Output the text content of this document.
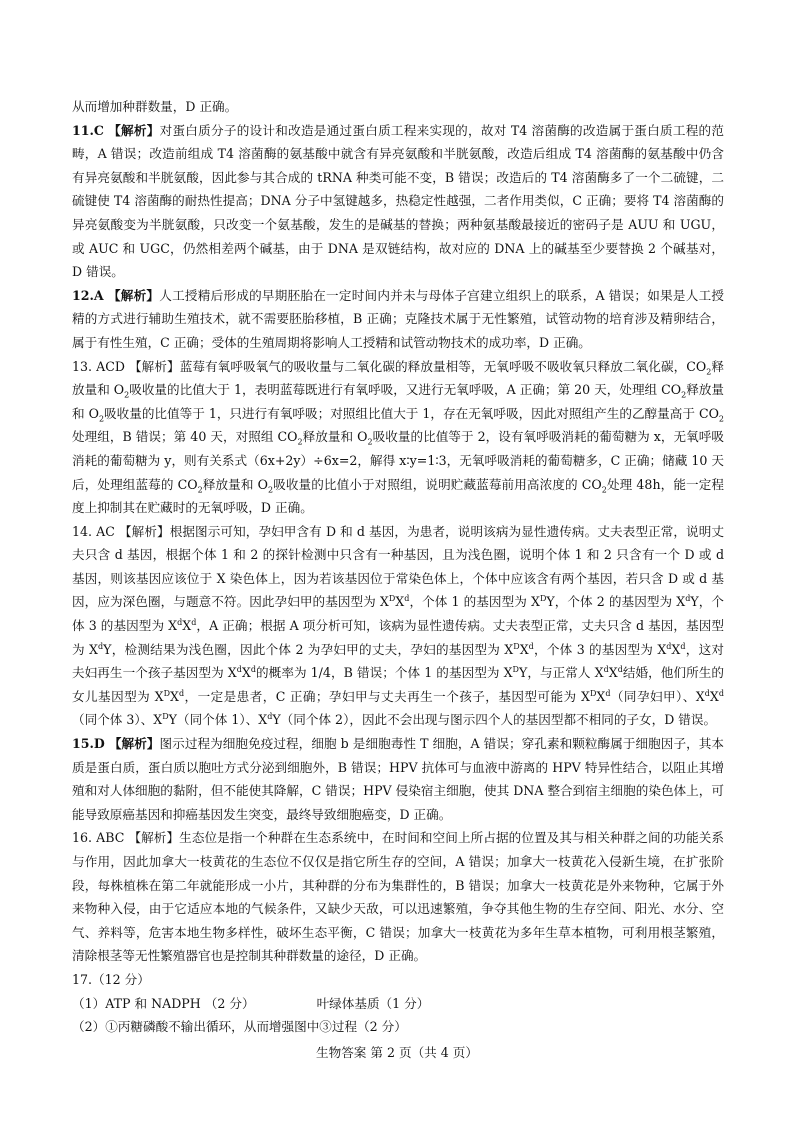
从而增加种群数量，D 正确。

11.C 【解析】对蛋白质分子的设计和改造是通过蛋白质工程来实现的，故对 T4 溶菌酶的改造属于蛋白质工程的范畴，A 错误；改造前组成 T4 溶菌酶的氨基酸中就含有异亮氨酸和半胱氨酸，改造后组成 T4 溶菌酶的氨基酸中仍含有异亮氨酸和半胱氨酸，因此参与其合成的 tRNA 种类可能不变，B 错误；改造后的 T4 溶菌酶多了一个二硫键，二硫键使 T4 溶菌酶的耐热性提高；DNA 分子中氢键越多，热稳定性越强，二者作用类似，C 正确；要将 T4 溶菌酶的异亮氨酸变为半胱氨酸，只改变一个氨基酸，发生的是碱基的替换；两种氨基酸最接近的密码子是 AUU 和 UGU，或 AUC 和 UGC，仍然相差两个碱基，由于 DNA 是双链结构，故对应的 DNA 上的碱基至少要替换 2 个碱基对，D 错误。

12.A 【解析】人工授精后形成的早期胚胎在一定时间内并未与母体子宫建立组织上的联系，A 错误；如果是人工授精的方式进行辅助生殖技术，就不需要胚胎移植，B 正确；克隆技术属于无性繁殖，试管动物的培育涉及精卵结合，属于有性生殖，C 正确；受体的生殖周期将影响人工授精和试管动物技术的成功率，D 正确。

13. ACD 【解析】蓝莓有氧呼吸氧气的吸收量与二氧化碳的释放量相等，无氧呼吸不吸收氧只释放二氧化碳，$CO_2$释放量和 $O_2$吸收量的比值大于 1，表明蓝莓既进行有氧呼吸，又进行无氧呼吸，A 正确；第 20 天，处理组 $CO_2$释放量和 $O_2$吸收量的比值等于 1，只进行有氧呼吸；对照组比值大于 1，存在无氧呼吸，因此对照组产生的乙醇量高于 $CO_2$处理组，B 错误；第 40 天，对照组 $CO_2$释放量和 $O_2$吸收量的比值等于 2，设有氧呼吸消耗的葡萄糖为 x，无氧呼吸消耗的葡萄糖为 y，则有关系式（6x+2y）÷6x=2，解得 x∶y=1∶3，无氧呼吸消耗的葡萄糖多，C 正确；储藏 10 天后，处理组蓝莓的 $CO_2$释放量和 $O_2$吸收量的比值小于对照组，说明贮藏蓝莓前用高浓度的 $CO_2$处理 48h，能一定程度上抑制其在贮藏时的无氧呼吸，D 正确。

14. AC 【解析】根据图示可知，孕妇甲含有 D 和 d 基因，为患者，说明该病为显性遗传病。丈夫表型正常，说明丈夫只含 d 基因，根据个体 1 和 2 的探针检测中只含有一种基因，且为浅色圈，说明个体 1 和 2 只含有一个 D 或 d 基因，则该基因应该位于 X 染色体上，因为若该基因位于常染色体上，个体中应该含有两个基因，若只含 D 或 d 基因，应为深色圈，与题意不符。因此孕妇甲的基因型为 $X^DX^d$，个体 1 的基因型为 $X^DY$，个体 2 的基因型为 $X^dY$，个体 3 的基因型为 $X^dX^d$，A 正确；根据 A 项分析可知，该病为显性遗传病。丈夫表型正常，丈夫只含 d 基因，基因型为 $X^dY$，检测结果为浅色圈，因此个体 2 为孕妇甲的丈夫，孕妇的基因型为 $X^DX^d$，个体 3 的基因型为 $X^dX^d$，这对夫妇再生一个孩子基因型为 $X^dX^d$的概率为 1/4，B 错误；个体 1 的基因型为 $X^DY$，与正常人 $X^dX^d$结婚，他们所生的女儿基因型为 $X^DX^d$，一定是患者，C 正确；孕妇甲与丈夫再生一个孩子，基因型可能为 $X^DX^d$（同孕妇甲）、$X^dX^d$（同个体 3）、$X^DY$（同个体 1）、$X^dY$（同个体 2），因此不会出现与图示四个人的基因型都不相同的子女，D 错误。

15.D 【解析】图示过程为细胞免疫过程，细胞 b 是细胞毒性 T 细胞，A 错误；穿孔素和颗粒酶属于细胞因子，其本质是蛋白质，蛋白质以胞吐方式分泌到细胞外，B 错误；HPV 抗体可与血液中游离的 HPV 特异性结合，以阻止其增殖和对人体细胞的黏附，但不能使其降解，C 错误；HPV 侵染宿主细胞，使其 DNA 整合到宿主细胞的染色体上，可能导致原癌基因和抑癌基因发生突变，最终导致细胞癌变，D 正确。

16. ABC 【解析】生态位是指一个种群在生态系统中，在时间和空间上所占据的位置及其与相关种群之间的功能关系与作用，因此加拿大一枝黄花的生态位不仅仅是指它所生存的空间，A 错误；加拿大一枝黄花入侵新生境，在扩张阶段，每株植株在第二年就能形成一小片，其种群的分布为集群性的，B 错误；加拿大一枝黄花是外来物种，它属于外来物种入侵，由于它适应本地的气候条件，又缺少天敌，可以迅速繁殖，争夺其他生物的生存空间、阳光、水分、空气、养料等，危害本地生物多样性，破坏生态平衡，C 错误；加拿大一枝黄花为多年生草本植物，可利用根茎繁殖，清除根茎等无性繁殖器官也是控制其种群数量的途径，D 正确。

17.（12 分）
（1）ATP 和 NADPH （2 分）	叶绿体基质（1 分）
（2）①丙糖磷酸不输出循环，从而增强图中③过程（2 分）
生物答案 第 2 页（共 4 页）
